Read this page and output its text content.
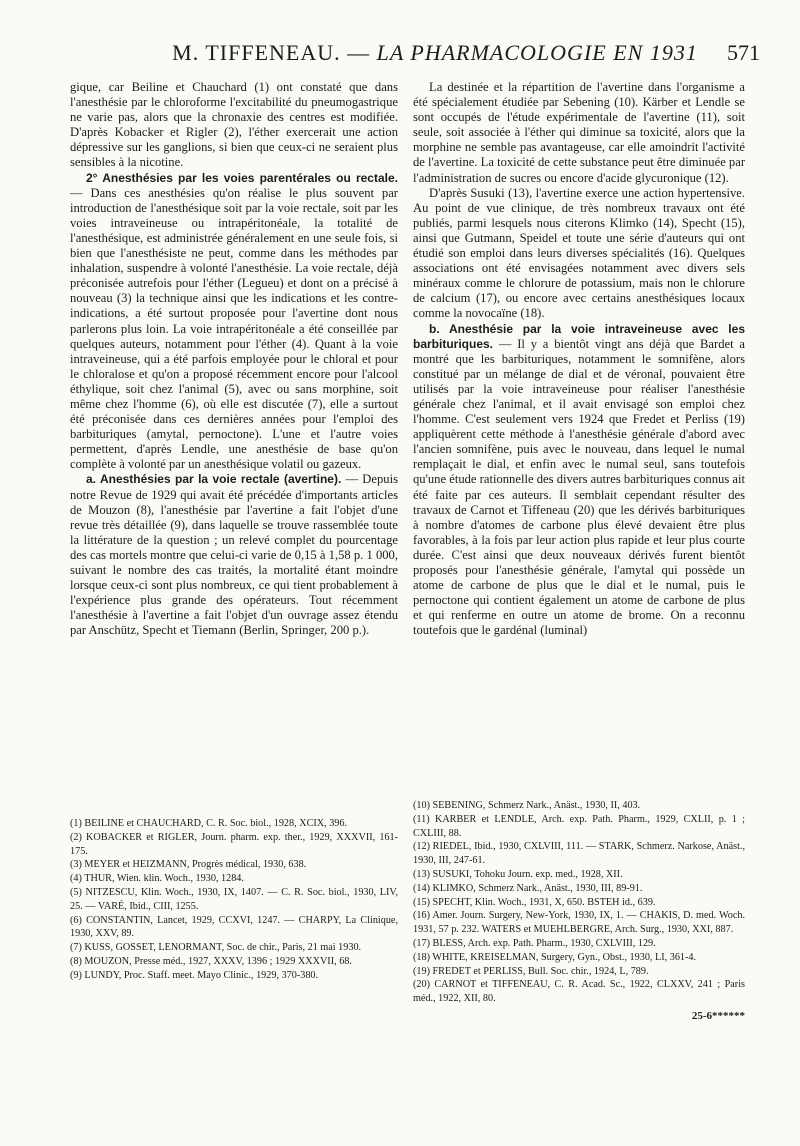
M. TIFFENEAU. — LA PHARMACOLOGIE EN 1931	571

gique, car Beiline et Chauchard (1) ont constaté que dans l'anesthésie par le chloroforme l'excitabilité du pneumogastrique ne varie pas, alors que la chronaxie des centres est modifiée. D'après Kobacker et Rigler (2), l'éther exercerait une action dépressive sur les ganglions, si bien que ceux-ci ne seraient plus sensibles à la nicotine.

2° Anesthésies par les voies parentérales ou rectale. — Dans ces anesthésies qu'on réalise le plus souvent par introduction de l'anesthésique soit par la voie rectale, soit par les voies intraveineuse ou intrapéritonéale, la totalité de l'anesthésique, est administrée généralement en une seule fois, si bien que l'anesthésiste ne peut, comme dans les méthodes par inhalation, suspendre à volonté l'anesthésie. La voie rectale, déjà préconisée autrefois pour l'éther (Legueu) et dont on a précisé à nouveau (3) la technique ainsi que les indications et les contre-indications, a été surtout proposée pour l'avertine dont nous parlerons plus loin. La voie intrapéritonéale a été conseillée par quelques auteurs, notamment pour l'éther (4). Quant à la voie intraveineuse, qui a été parfois employée pour le chloral et pour le chloralose et qu'on a proposé récemment encore pour l'alcool éthylique, soit chez l'animal (5), avec ou sans morphine, soit même chez l'homme (6), où elle est discutée (7), elle a surtout été préconisée dans ces dernières années pour l'emploi des barbituriques (amytal, pernoctone). L'une et l'autre voies permettent, d'après Lendle, une anesthésie de base qu'on complète à volonté par un anesthésique volatil ou gazeux.

a. Anesthésies par la voie rectale (avertine). — Depuis notre Revue de 1929 qui avait été précédée d'importants articles de Mouzon (8), l'anesthésie par l'avertine a fait l'objet d'une revue très détaillée (9), dans laquelle se trouve rassemblée toute la littérature de la question ; un relevé complet du pourcentage des cas mortels montre que celui-ci varie de 0,15 à 1,58 p. 1 000, suivant le nombre des cas traités, la mortalité étant moindre lorsque ceux-ci sont plus nombreux, ce qui tient probablement à l'expérience plus grande des opérateurs. Tout récemment l'anesthésie à l'avertine a fait l'objet d'un ouvrage assez étendu par Anschütz, Specht et Tiemann (Berlin, Springer, 200 p.).

La destinée et la répartition de l'avertine dans l'organisme a été spécialement étudiée par Sebening (10). Kärber et Lendle se sont occupés de l'étude expérimentale de l'avertine (11), soit seule, soit associée à l'éther qui diminue sa toxicité, alors que la morphine ne semble pas avantageuse, car elle amoindrit l'activité de l'avertine. La toxicité de cette substance peut être diminuée par l'administration de sucres ou encore d'acide glycuronique (12).

D'après Susuki (13), l'avertine exerce une action hypertensive. Au point de vue clinique, de très nombreux travaux ont été publiés, parmi lesquels nous citerons Klimko (14), Specht (15), ainsi que Gutmann, Speidel et toute une série d'auteurs qui ont étudié son emploi dans leurs diverses spécialités (16). Quelques associations ont été envisagées notamment avec divers sels minéraux comme le chlorure de potassium, mais non le chlorure de calcium (17), ou encore avec certains anesthésiques locaux comme la novocaïne (18).

b. Anesthésie par la voie intraveineuse avec les barbituriques. — Il y a bientôt vingt ans déjà que Bardet a montré que les barbituriques, notamment le somnifène, alors constitué par un mélange de dial et de véronal, pouvaient être utilisés par la voie intraveineuse pour réaliser l'anesthésie générale chez l'animal, et il avait envisagé son emploi chez l'homme. C'est seulement vers 1924 que Fredet et Perliss (19) appliquèrent cette méthode à l'anesthésie générale d'abord avec l'ancien somnifène, puis avec le nouveau, dans lequel le numal remplaçait le dial, et enfin avec le numal seul, sans toutefois qu'une étude rationnelle des divers autres barbituriques connus ait été faite par ces auteurs. Il semblait cependant résulter des travaux de Carnot et Tiffeneau (20) que les dérivés barbituriques à nombre d'atomes de carbone plus élevé devaient être plus favorables, à la fois par leur action plus rapide et leur plus courte durée. C'est ainsi que deux nouveaux dérivés furent bientôt proposés pour l'anesthésie générale, l'amytal qui possède un atome de carbone de plus que le dial et le numal, puis le pernoctone qui contient également un atome de carbone de plus et qui renferme en outre un atome de brome. On a reconnu toutefois que le gardénal (luminal)

(1) BEILINE et CHAUCHARD, C. R. Soc. biol., 1928, XCIX, 396.
(2) KOBACKER et RIGLER, Journ. pharm. exp. ther., 1929, XXXVII, 161-175.
(3) MEYER et HEIZMANN, Progrès médical, 1930, 638.
(4) THUR, Wien. klin. Woch., 1930, 1284.
(5) NITZESCU, Klin. Woch., 1930, IX, 1407. — C. R. Soc. biol., 1930, LIV, 25. — VARÉ, Ibid., CIII, 1255.
(6) CONSTANTIN, Lancet, 1929, CCXVI, 1247. — CHARPY, La Clinique, 1930, XXV, 89.
(7) KUSS, GOSSET, LENORMANT, Soc. de chir., Paris, 21 mai 1930.
(8) MOUZON, Presse méd., 1927, XXXV, 1396 ; 1929 XXXVII, 68.
(9) LUNDY, Proc. Staff. meet. Mayo Clinic., 1929, 370-380.
(10) SEBENING, Schmerz Nark., Anäst., 1930, II, 403.
(11) KARBER et LENDLE, Arch. exp. Path. Pharm., 1929, CXLII, p. 1 ; CXLIII, 88.
(12) RIEDEL, Ibid., 1930, CXLVIII, 111. — STARK, Schmerz. Narkose, Anäst., 1930, III, 247-61.
(13) SUSUKI, Tohoku Journ. exp. med., 1928, XII.
(14) KLIMKO, Schmerz Nark., Anäst., 1930, III, 89-91.
(15) SPECHT, Klin. Woch., 1931, X, 650. BSTEH id., 639.
(16) Amer. Journ. Surgery, New-York, 1930, IX, 1. — CHAKIS, D. med. Woch. 1931, 57 p. 232. WATERS et MUEHLBERGRE, Arch. Surg., 1930, XXI, 887.
(17) BLESS, Arch. exp. Path. Pharm., 1930, CXLVIII, 129.
(18) WHITE, KREISELMAN, Surgery, Gyn., Obst., 1930, LI, 361-4.
(19) FREDET et PERLISS, Bull. Soc. chir., 1924, L, 789.
(20) CARNOT et TIFFENEAU, C. R. Acad. Sc., 1922, CLXXV, 241 ; Paris méd., 1922, XII, 80.
25-6******
